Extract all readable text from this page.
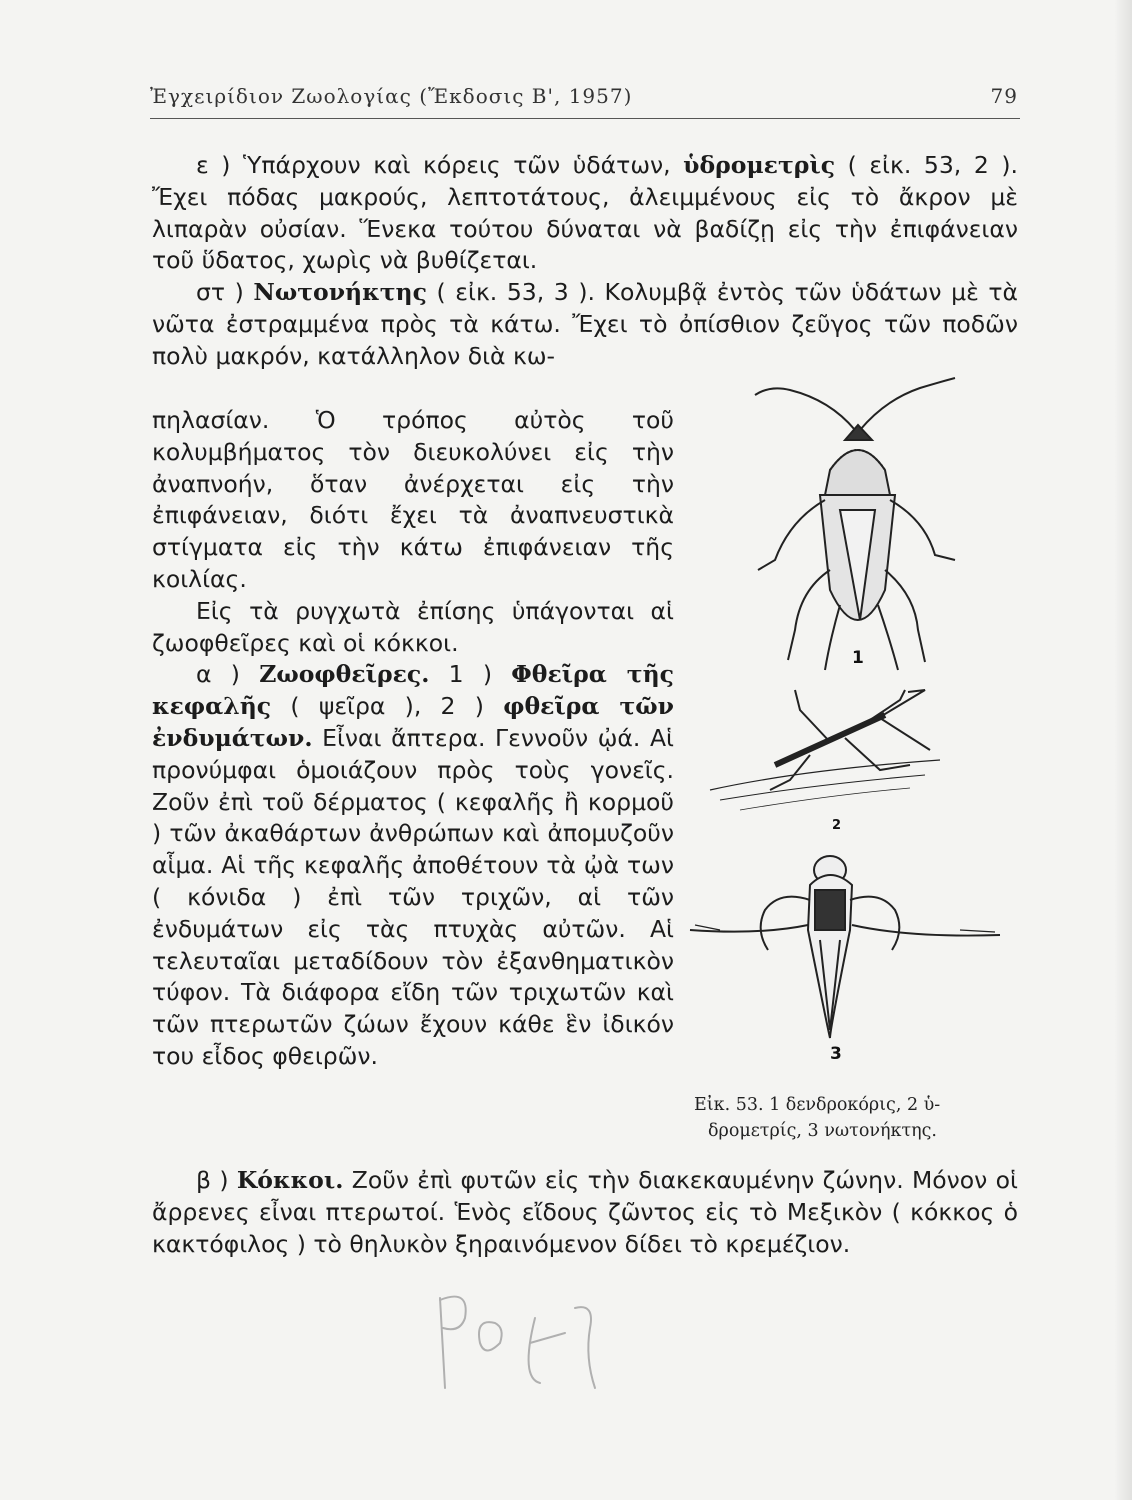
Ἐγχειρίδιον Ζωολογίας (Ἔκδοσις Β', 1957)	79

ε ) Ὑπάρχουν καὶ κόρεις τῶν ὑδάτων, ὑδρομετρὶς ( εἰκ. 53, 2 ). Ἔχει πόδας μακρούς, λεπτοτάτους, ἀλειμμένους εἰς τὸ ἄκρον μὲ λιπαρὰν οὐσίαν. Ἕνεκα τούτου δύναται νὰ βαδίζῃ εἰς τὴν ἐπιφάνειαν τοῦ ὕδατος, χωρὶς νὰ βυθίζεται.

στ ) Νωτονήκτης ( εἰκ. 53, 3 ). Κολυμβᾷ ἐντὸς τῶν ὑδάτων μὲ τὰ νῶτα ἐστραμμένα πρὸς τὰ κάτω. Ἔχει τὸ ὀπίσθιον ζεῦγος τῶν ποδῶν πολὺ μακρόν, κατάλληλον διὰ κω-

πηλασίαν. Ὁ τρόπος αὐτὸς τοῦ κολυμβήματος τὸν διευκολύνει εἰς τὴν ἀναπνοήν, ὅταν ἀνέρχεται εἰς τὴν ἐπιφάνειαν, διότι ἔχει τὰ ἀναπνευστικὰ στίγματα εἰς τὴν κάτω ἐπιφάνειαν τῆς κοιλίας.

Εἰς τὰ ρυγχωτὰ ἐπίσης ὑπάγονται αἱ ζωοφθεῖρες καὶ οἱ κόκκοι.

α ) Ζωοφθεῖρες. 1 ) Φθεῖρα τῆς κεφαλῆς ( ψεῖρα ), 2 ) φθεῖρα τῶν ἐνδυμάτων. Εἶναι ἄπτερα. Γεννοῦν ᾠά. Αἱ προνύμφαι ὁμοιάζουν πρὸς τοὺς γονεῖς. Ζοῦν ἐπὶ τοῦ δέρματος ( κεφαλῆς ἢ κορμοῦ ) τῶν ἀκαθάρτων ἀνθρώπων καὶ ἀπομυζοῦν αἷμα. Αἱ τῆς κεφαλῆς ἀποθέτουν τὰ ᾠὰ των ( κόνιδα ) ἐπὶ τῶν τριχῶν, αἱ τῶν ἐνδυμάτων εἰς τὰς πτυχὰς αὐτῶν. Αἱ τελευταῖαι μεταδίδουν τὸν ἐξανθηματικὸν τύφον. Τὰ διάφορα εἴδη τῶν τριχωτῶν καὶ τῶν πτερωτῶν ζώων ἔχουν κάθε ἓν ἰδικόν του εἶδος φθειρῶν.

β ) Κόκκοι. Ζοῦν ἐπὶ φυτῶν εἰς τὴν διακεκαυμένην ζώνην. Μόνον οἱ ἄρρενες εἶναι πτερωτοί. Ἑνὸς εἴδους ζῶντος εἰς τὸ Μεξικὸν ( κόκκος ὁ κακτόφιλος ) τὸ θηλυκὸν ξηραινόμενον δίδει τὸ κρεμέζιον.

1
2
3
Εἰκ. 53. 1 δενδροκόρις, 2 ὑ-
δρομετρίς, 3 νωτονήκτης.
